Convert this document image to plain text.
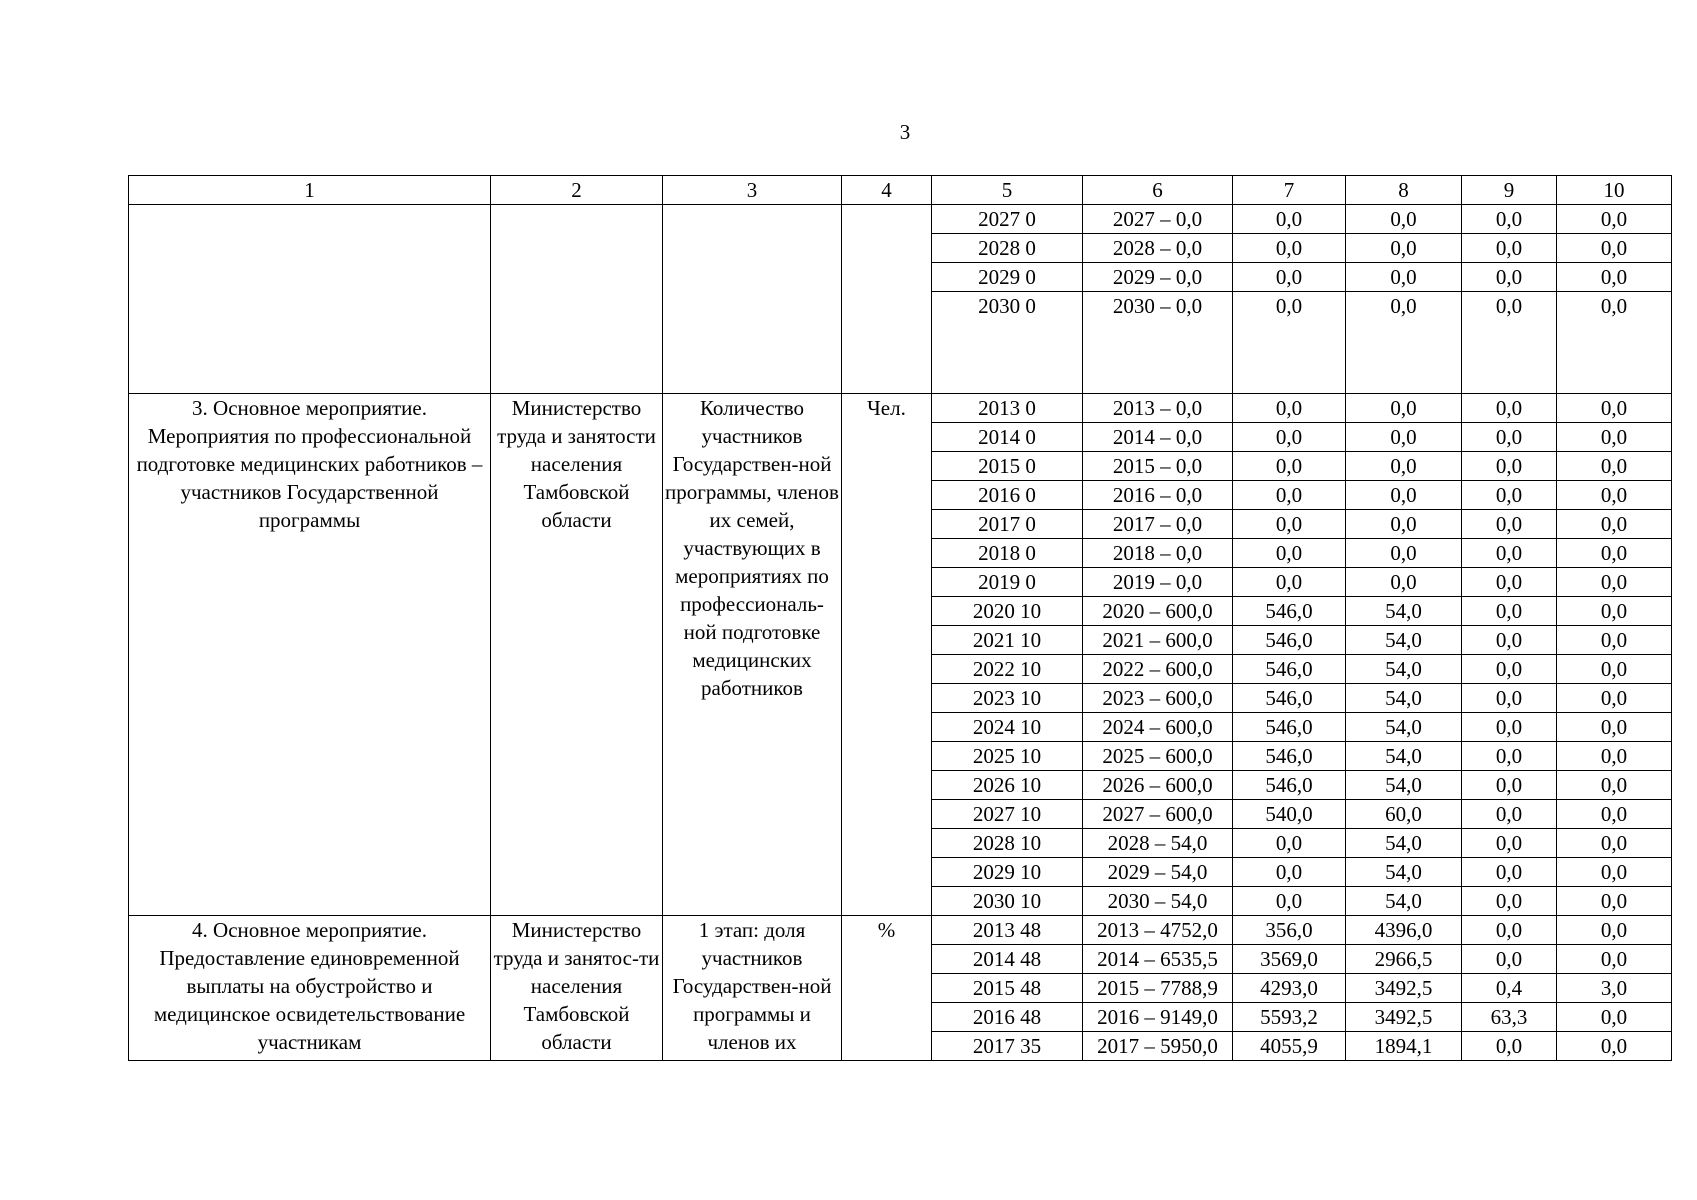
3
1	2	3	4	5	6	7	8	9	10
				2027 0	2027 – 0,0	0,0	0,0	0,0	0,0
				2028 0	2028 – 0,0	0,0	0,0	0,0	0,0
				2029 0	2029 – 0,0	0,0	0,0	0,0	0,0
				2030 0	2030 – 0,0	0,0	0,0	0,0	0,0
3. Основное мероприятие. Мероприятия по профессиональной подготовке медицинских работников – участников Государственной программы	Министерство труда и занятости населения Тамбовской области	Количество участников Государствен-ной программы, членов их семей, участвующих в мероприятиях по профессиональ-ной подготовке медицинских работников	Чел.	2013 0	2013 – 0,0	0,0	0,0	0,0	0,0
				2014 0	2014 – 0,0	0,0	0,0	0,0	0,0
				2015 0	2015 – 0,0	0,0	0,0	0,0	0,0
				2016 0	2016 – 0,0	0,0	0,0	0,0	0,0
				2017 0	2017 – 0,0	0,0	0,0	0,0	0,0
				2018 0	2018 – 0,0	0,0	0,0	0,0	0,0
				2019 0	2019 – 0,0	0,0	0,0	0,0	0,0
				2020 10	2020 – 600,0	546,0	54,0	0,0	0,0
				2021 10	2021 – 600,0	546,0	54,0	0,0	0,0
				2022 10	2022 – 600,0	546,0	54,0	0,0	0,0
				2023 10	2023 – 600,0	546,0	54,0	0,0	0,0
				2024 10	2024 – 600,0	546,0	54,0	0,0	0,0
				2025 10	2025 – 600,0	546,0	54,0	0,0	0,0
				2026 10	2026 – 600,0	546,0	54,0	0,0	0,0
				2027 10	2027 – 600,0	540,0	60,0	0,0	0,0
				2028 10	2028 – 54,0	0,0	54,0	0,0	0,0
				2029 10	2029 – 54,0	0,0	54,0	0,0	0,0
				2030 10	2030 – 54,0	0,0	54,0	0,0	0,0
4. Основное мероприятие. Предоставление единовременной выплаты на обустройство и медицинское освидетельствование участникам	Министерство труда и занятос-ти населения Тамбовской области	1 этап: доля участников Государствен-ной программы и членов их	%	2013 48	2013 – 4752,0	356,0	4396,0	0,0	0,0
				2014 48	2014 – 6535,5	3569,0	2966,5	0,0	0,0
				2015 48	2015 – 7788,9	4293,0	3492,5	0,4	3,0
				2016 48	2016 – 9149,0	5593,2	3492,5	63,3	0,0
				2017 35	2017 – 5950,0	4055,9	1894,1	0,0	0,0
